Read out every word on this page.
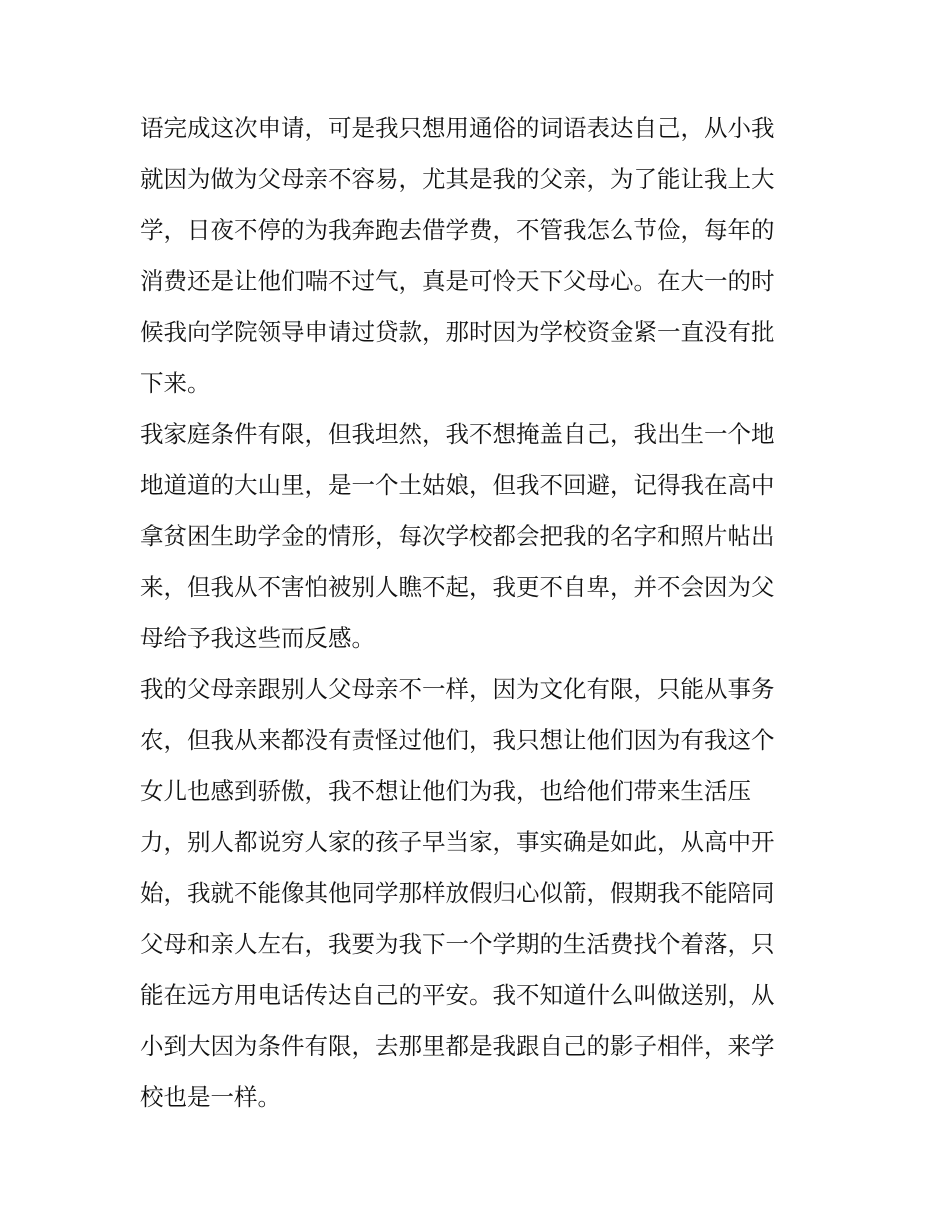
语完成这次申请，可是我只想用通俗的词语表达自己，从小我
就因为做为父母亲不容易，尤其是我的父亲，为了能让我上大
学，日夜不停的为我奔跑去借学费，不管我怎么节俭，每年的
消费还是让他们喘不过气，真是可怜天下父母心。在大一的时
候我向学院领导申请过贷款，那时因为学校资金紧一直没有批
下来。
我家庭条件有限，但我坦然，我不想掩盖自己，我出生一个地
地道道的大山里，是一个土姑娘，但我不回避，记得我在高中
拿贫困生助学金的情形，每次学校都会把我的名字和照片帖出
来，但我从不害怕被别人瞧不起，我更不自卑，并不会因为父
母给予我这些而反感。
我的父母亲跟别人父母亲不一样，因为文化有限，只能从事务
农，但我从来都没有责怪过他们，我只想让他们因为有我这个
女儿也感到骄傲，我不想让他们为我，也给他们带来生活压
力，别人都说穷人家的孩子早当家，事实确是如此，从高中开
始，我就不能像其他同学那样放假归心似箭，假期我不能陪同
父母和亲人左右，我要为我下一个学期的生活费找个着落，只
能在远方用电话传达自己的平安。我不知道什么叫做送别，从
小到大因为条件有限，去那里都是我跟自己的影子相伴，来学
校也是一样。
